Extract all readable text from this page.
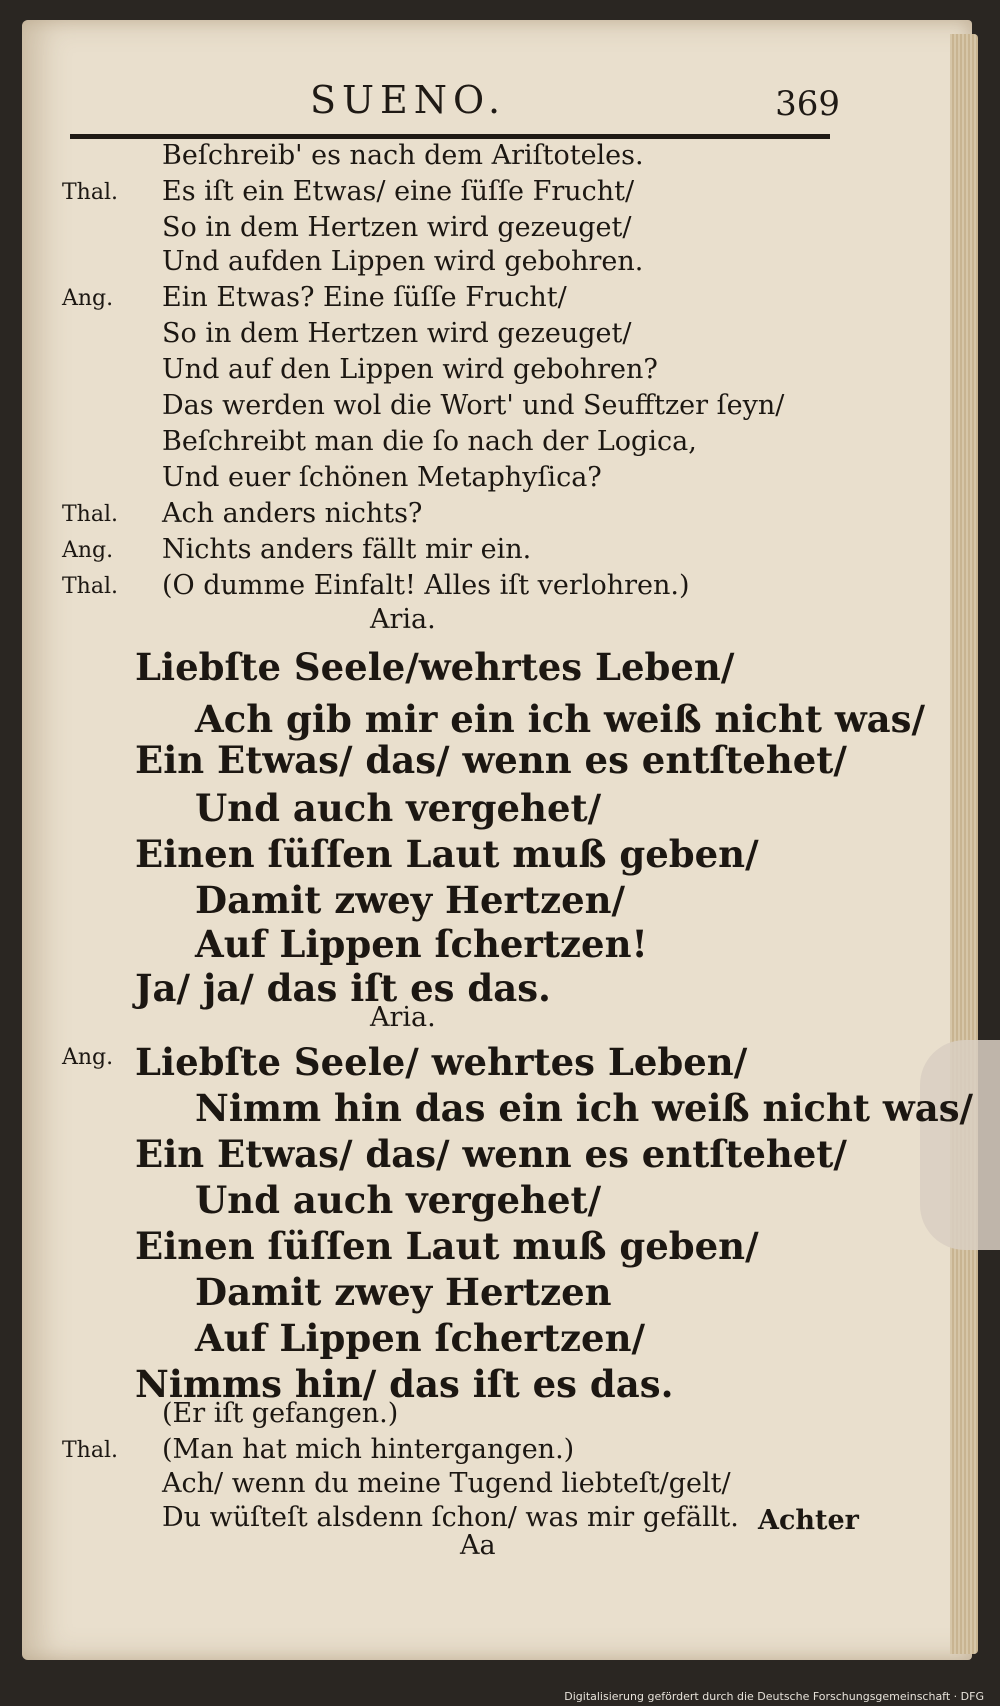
SUENO.	369
Beſchreib' es nach dem Ariſtoteles.
Thal. Es iſt ein Etwas/ eine ſüſſe Frucht/
So in dem Hertzen wird gezeuget/
Und aufden Lippen wird gebohren.
Ang. Ein Etwas? Eine ſüſſe Frucht/
So in dem Hertzen wird gezeuget/
Und auf den Lippen wird gebohren?
Das werden wol die Wort' und Seufftzer ſeyn/
Beſchreibt man die ſo nach der Logica,
Und euer ſchönen Metaphyſica?
Thal. Ach anders nichts?
Ang. Nichts anders fällt mir ein.
Thal. (O dumme Einfalt! Alles iſt verlohren.)
Aria.
Liebſte Seele/wehrtes Leben/
Ach gib mir ein ich weiß nicht was/
Ein Etwas/ das/ wenn es entſtehet/
Und auch vergehet/
Einen ſüſſen Laut muß geben/
Damit zwey Hertzen/
Auf Lippen ſchertzen!
Ja/ ja/ das iſt es das.
Aria.
Ang. Liebſte Seele/ wehrtes Leben/
Nimm hin das ein ich weiß nicht was/
Ein Etwas/ das/ wenn es entſtehet/
Und auch vergehet/
Einen ſüſſen Laut muß geben/
Damit zwey Hertzen
Auf Lippen ſchertzen/
Nimms hin/ das iſt es das.
(Er iſt gefangen.)
Thal. (Man hat mich hintergangen.)
Ach/ wenn du meine Tugend liebteſt/gelt/
Du wüſteſt alsdenn ſchon/ was mir gefällt.
Aa
Achter
Digitalisierung gefördert durch die Deutsche Forschungsgemeinschaft · DFG
